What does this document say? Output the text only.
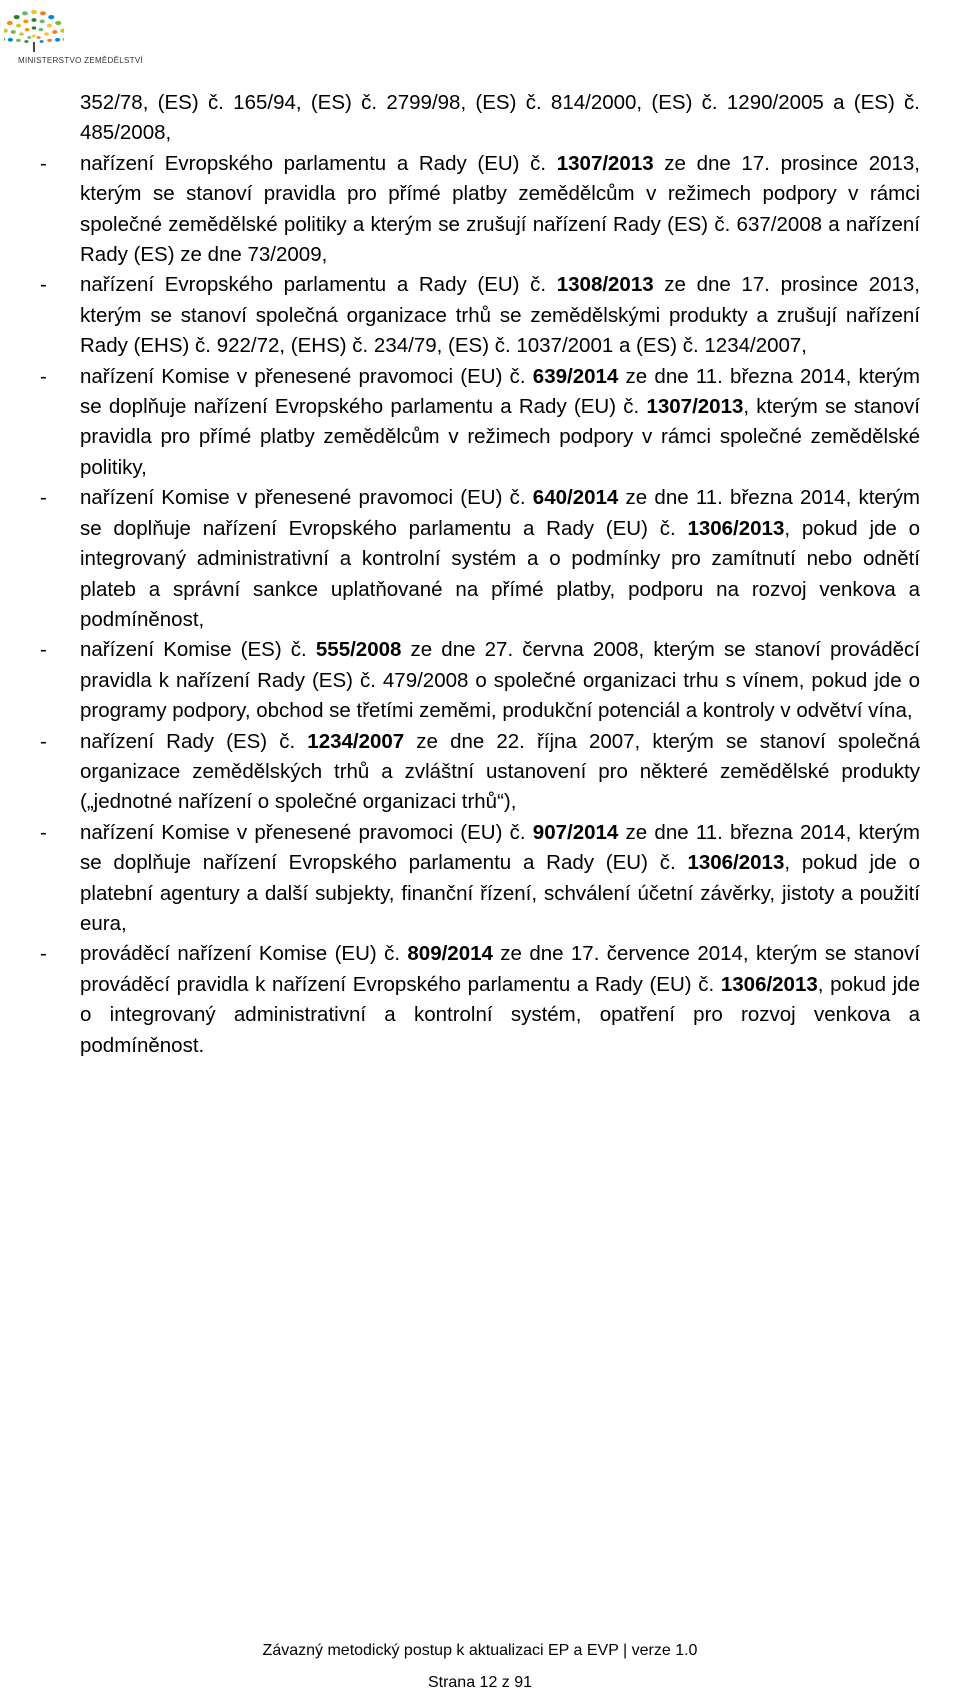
MINISTERSTVO ZEMĚDĚLSTVÍ
352/78, (ES) č. 165/94, (ES) č. 2799/98, (ES) č. 814/2000, (ES) č. 1290/2005 a (ES) č.
485/2008,
- nařízení Evropského parlamentu a Rady (EU) č. 1307/2013 ze dne 17. prosince 2013, kterým se stanoví pravidla pro přímé platby zemědělcům v režimech podpory v rámci společné zemědělské politiky a kterým se zrušují nařízení Rady (ES) č. 637/2008 a nařízení Rady (ES) ze dne 73/2009,
- nařízení Evropského parlamentu a Rady (EU) č. 1308/2013 ze dne 17. prosince 2013, kterým se stanoví společná organizace trhů se zemědělskými produkty a zrušují nařízení Rady (EHS) č. 922/72, (EHS) č. 234/79, (ES) č. 1037/2001 a (ES) č. 1234/2007,
- nařízení Komise v přenesené pravomoci (EU) č. 639/2014 ze dne 11. března 2014, kterým se doplňuje nařízení Evropského parlamentu a Rady (EU) č. 1307/2013, kterým se stanoví pravidla pro přímé platby zemědělcům v režimech podpory v rámci společné zemědělské politiky,
- nařízení Komise v přenesené pravomoci (EU) č. 640/2014 ze dne 11. března 2014, kterým se doplňuje nařízení Evropského parlamentu a Rady (EU) č. 1306/2013, pokud jde o integrovaný administrativní a kontrolní systém a o podmínky pro zamítnutí nebo odnětí plateb a správní sankce uplatňované na přímé platby, podporu na rozvoj venkova a podmíněnost,
- nařízení Komise (ES) č. 555/2008 ze dne 27. června 2008, kterým se stanoví prováděcí pravidla k nařízení Rady (ES) č. 479/2008 o společné organizaci trhu s vínem, pokud jde o programy podpory, obchod se třetími zeměmi, produkční potenciál a kontroly v odvětví vína,
- nařízení Rady (ES) č. 1234/2007 ze dne 22. října 2007, kterým se stanoví společná organizace zemědělských trhů a zvláštní ustanovení pro některé zemědělské produkty („jednotné nařízení o společné organizaci trhů“),
- nařízení Komise v přenesené pravomoci (EU) č. 907/2014 ze dne 11. března 2014, kterým se doplňuje nařízení Evropského parlamentu a Rady (EU) č. 1306/2013, pokud jde o platební agentury a další subjekty, finanční řízení, schválení účetní závěrky, jistoty a použití eura,
- prováděcí nařízení Komise (EU) č. 809/2014 ze dne 17. července 2014, kterým se stanoví prováděcí pravidla k nařízení Evropského parlamentu a Rady (EU) č. 1306/2013, pokud jde o integrovaný administrativní a kontrolní systém, opatření pro rozvoj venkova a podmíněnost.
Závazný metodický postup k aktualizaci EP a EVP | verze 1.0
Strana 12 z 91
